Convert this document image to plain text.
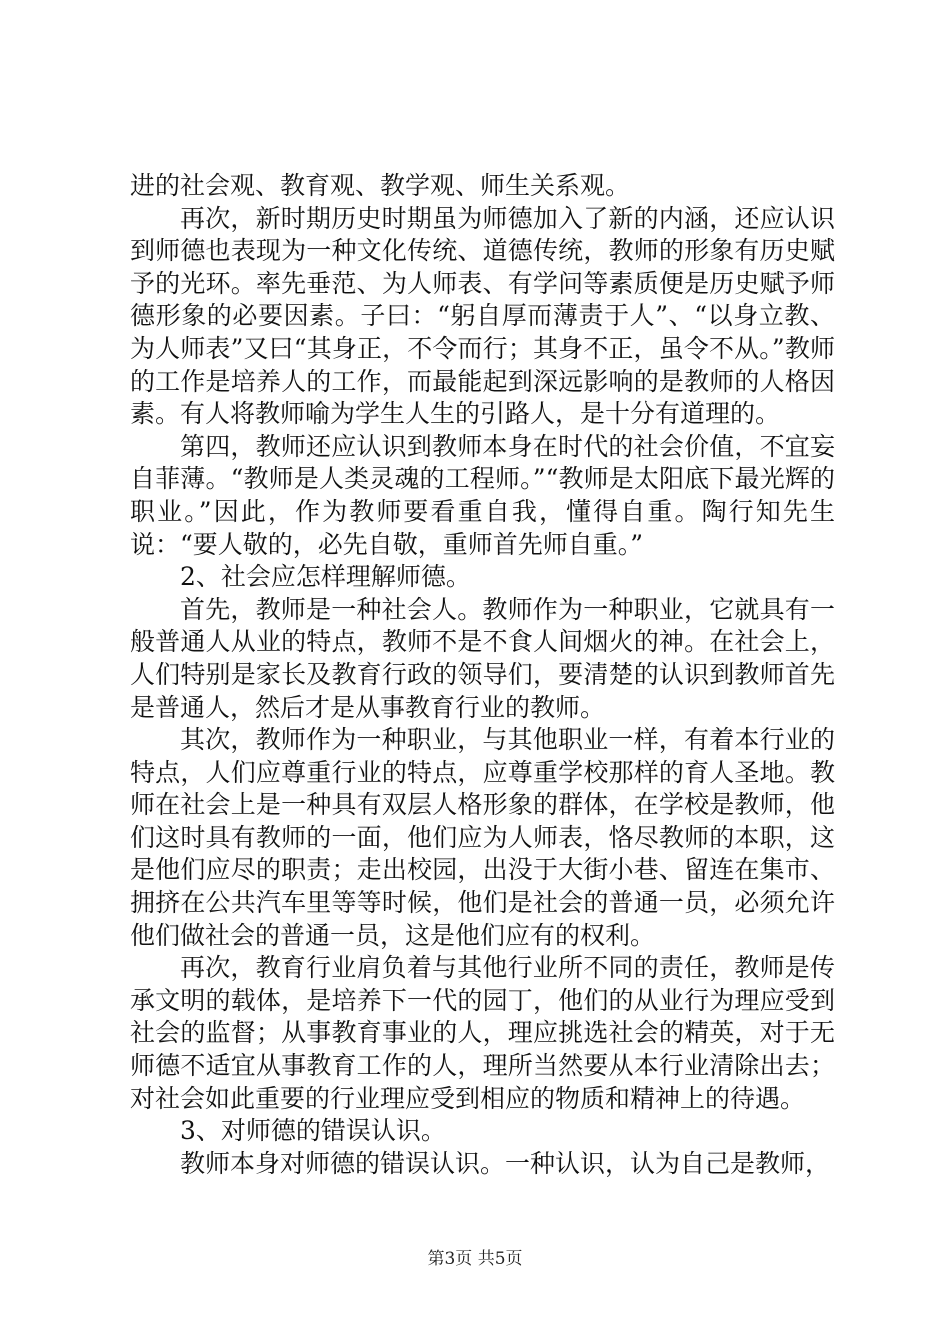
进的社会观、教育观、教学观、师生关系观。

再次，新时期历史时期虽为师德加入了新的内涵，还应认识到师德也表现为一种文化传统、道德传统，教师的形象有历史赋予的光环。率先垂范、为人师表、有学问等素质便是历史赋予师德形象的必要因素。子曰：“躬自厚而薄责于人”、“以身立教、为人师表”又曰“其身正，不令而行；其身不正，虽令不从。”教师的工作是培养人的工作，而最能起到深远影响的是教师的人格因素。有人将教师喻为学生人生的引路人，是十分有道理的。

第四，教师还应认识到教师本身在时代的社会价值，不宜妄自菲薄。“教师是人类灵魂的工程师。”“教师是太阳底下最光辉的职业。”因此，作为教师要看重自我，懂得自重。陶行知先生说：“要人敬的，必先自敬，重师首先师自重。”

2、社会应怎样理解师德。

首先，教师是一种社会人。教师作为一种职业，它就具有一般普通人从业的特点，教师不是不食人间烟火的神。在社会上，人们特别是家长及教育行政的领导们，要清楚的认识到教师首先是普通人，然后才是从事教育行业的教师。

其次，教师作为一种职业，与其他职业一样，有着本行业的特点，人们应尊重行业的特点，应尊重学校那样的育人圣地。教师在社会上是一种具有双层人格形象的群体，在学校是教师，他们这时具有教师的一面，他们应为人师表，恪尽教师的本职，这是他们应尽的职责；走出校园，出没于大街小巷、留连在集市、拥挤在公共汽车里等等时候，他们是社会的普通一员，必须允许他们做社会的普通一员，这是他们应有的权利。

再次，教育行业肩负着与其他行业所不同的责任，教师是传承文明的载体，是培养下一代的园丁，他们的从业行为理应受到社会的监督；从事教育事业的人，理应挑选社会的精英，对于无师德不适宜从事教育工作的人，理所当然要从本行业清除出去；对社会如此重要的行业理应受到相应的物质和精神上的待遇。

3、对师德的错误认识。

教师本身对师德的错误认识。一种认识，认为自己是教师，

第3页 共5页
